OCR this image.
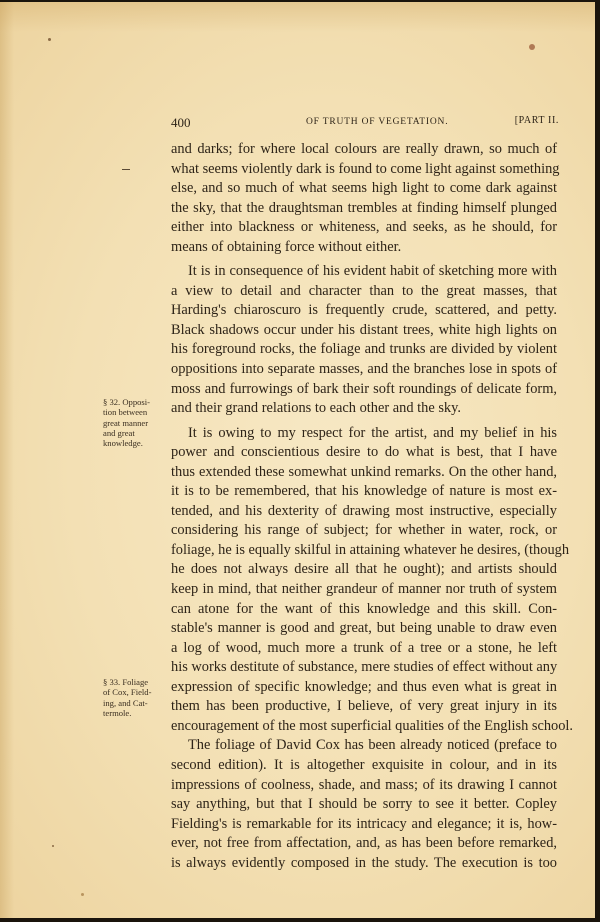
400	OF TRUTH OF VEGETATION.	[PART II.
§ 32. Opposi-
tion between
great manner
and great
knowledge.
§ 33. Foliage
of Cox, Field-
ing, and Cat-
termole.
and darks; for where local colours are really drawn, so much of
what seems violently dark is found to come light against something
else, and so much of what seems high light to come dark against
the sky, that the draughtsman trembles at finding himself plunged
either into blackness or whiteness, and seeks, as he should, for
means of obtaining force without either.
It is in consequence of his evident habit of sketching more with
a view to detail and character than to the great masses, that
Harding's chiaroscuro is frequently crude, scattered, and petty.
Black shadows occur under his distant trees, white high lights on
his foreground rocks, the foliage and trunks are divided by violent
oppositions into separate masses, and the branches lose in spots of
moss and furrowings of bark their soft roundings of delicate form,
and their grand relations to each other and the sky.
It is owing to my respect for the artist, and my belief in his
power and conscientious desire to do what is best, that I have
thus extended these somewhat unkind remarks. On the other hand,
it is to be remembered, that his knowledge of nature is most ex-
tended, and his dexterity of drawing most instructive, especially
considering his range of subject; for whether in water, rock, or
foliage, he is equally skilful in attaining whatever he desires, (though
he does not always desire all that he ought); and artists should
keep in mind, that neither grandeur of manner nor truth of system
can atone for the want of this knowledge and this skill. Con-
stable's manner is good and great, but being unable to draw even
a log of wood, much more a trunk of a tree or a stone, he left
his works destitute of substance, mere studies of effect without any
expression of specific knowledge; and thus even what is great in
them has been productive, I believe, of very great injury in its
encouragement of the most superficial qualities of the English school.
The foliage of David Cox has been already noticed (preface to
second edition). It is altogether exquisite in colour, and in its
impressions of coolness, shade, and mass; of its drawing I cannot
say anything, but that I should be sorry to see it better. Copley
Fielding's is remarkable for its intricacy and elegance; it is, how-
ever, not free from affectation, and, as has been before remarked,
is always evidently composed in the study. The execution is too
